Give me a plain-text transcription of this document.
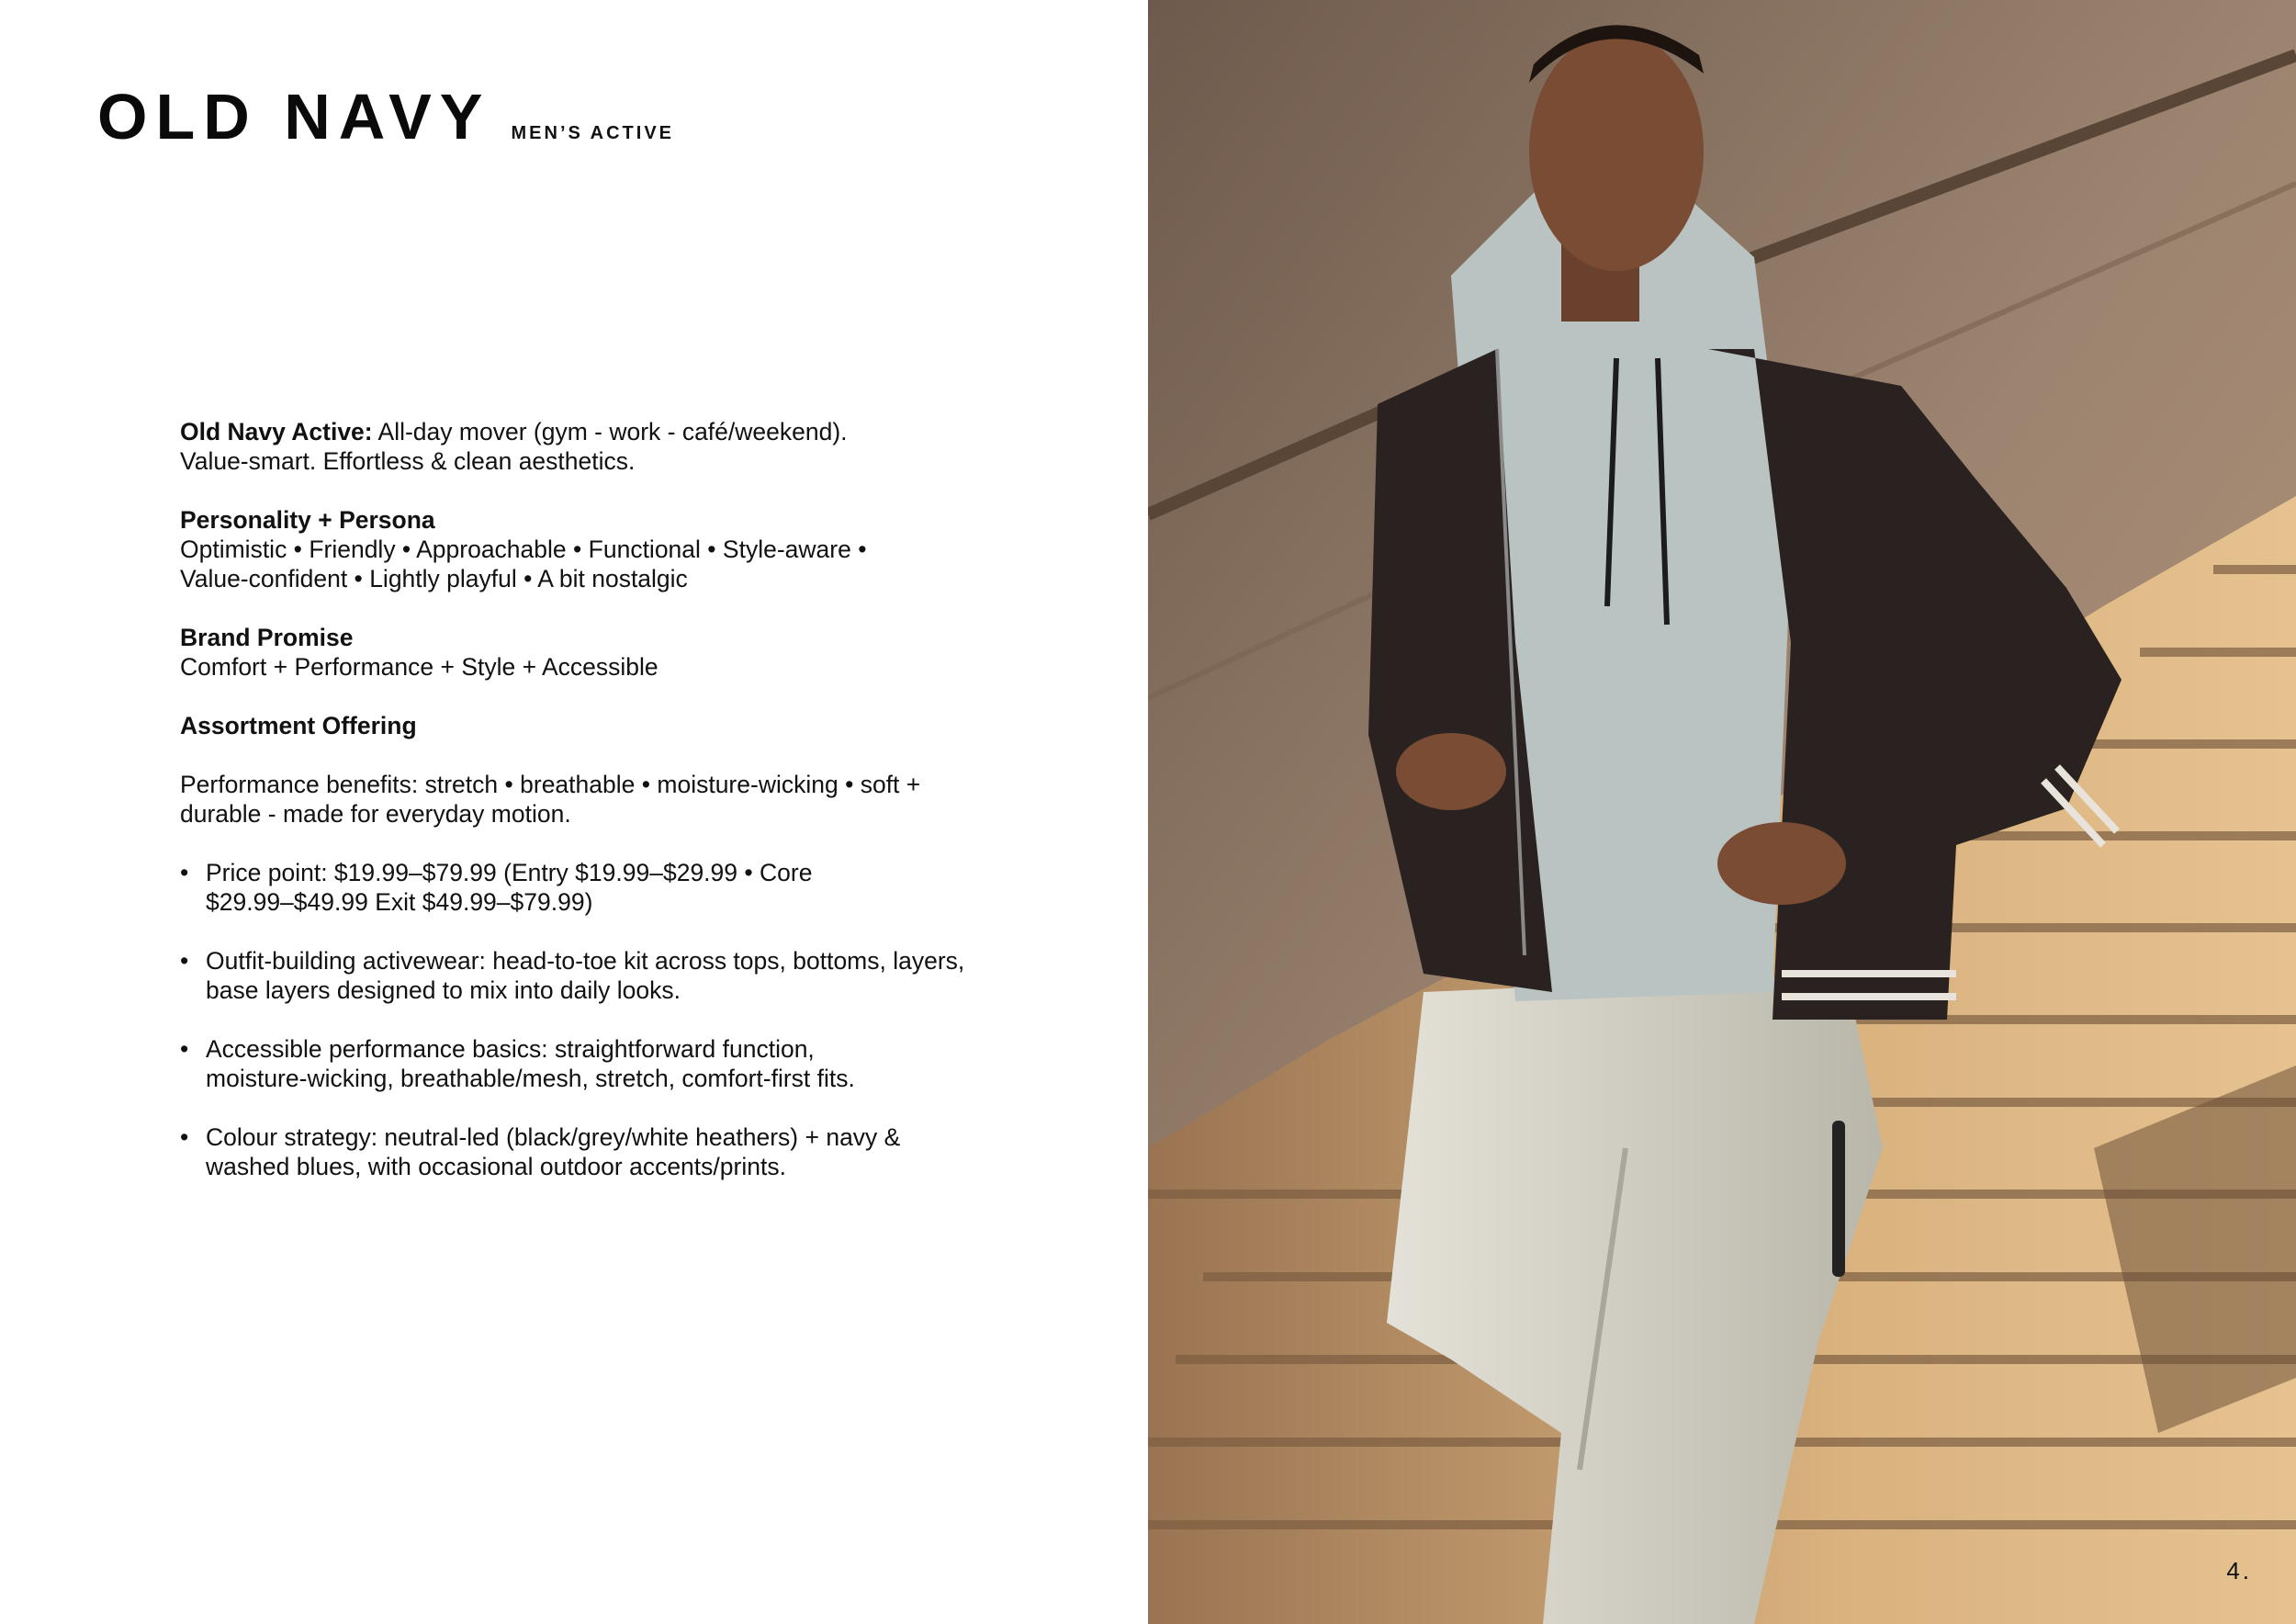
OLD NAVY MEN’S ACTIVE

Old Navy Active: All-day mover (gym - work - café/weekend).
Value-smart. Effortless & clean aesthetics.

Personality + Persona
Optimistic • Friendly • Approachable • Functional • Style-aware •
Value-confident • Lightly playful • A bit nostalgic

Brand Promise
Comfort + Performance + Style + Accessible

Assortment Offering

Performance benefits: stretch • breathable • moisture-wicking • soft +
durable - made for everyday motion.

• Price point: $19.99–$79.99 (Entry $19.99–$29.99 • Core
$29.99–$49.99 Exit $49.99–$79.99)
• Outfit-building activewear: head-to-toe kit across tops, bottoms, layers,
base layers designed to mix into daily looks.
• Accessible performance basics: straightforward function,
moisture-wicking, breathable/mesh, stretch, comfort-first fits.
• Colour strategy: neutral-led (black/grey/white heathers) + navy &
washed blues, with occasional outdoor accents/prints.
4.
